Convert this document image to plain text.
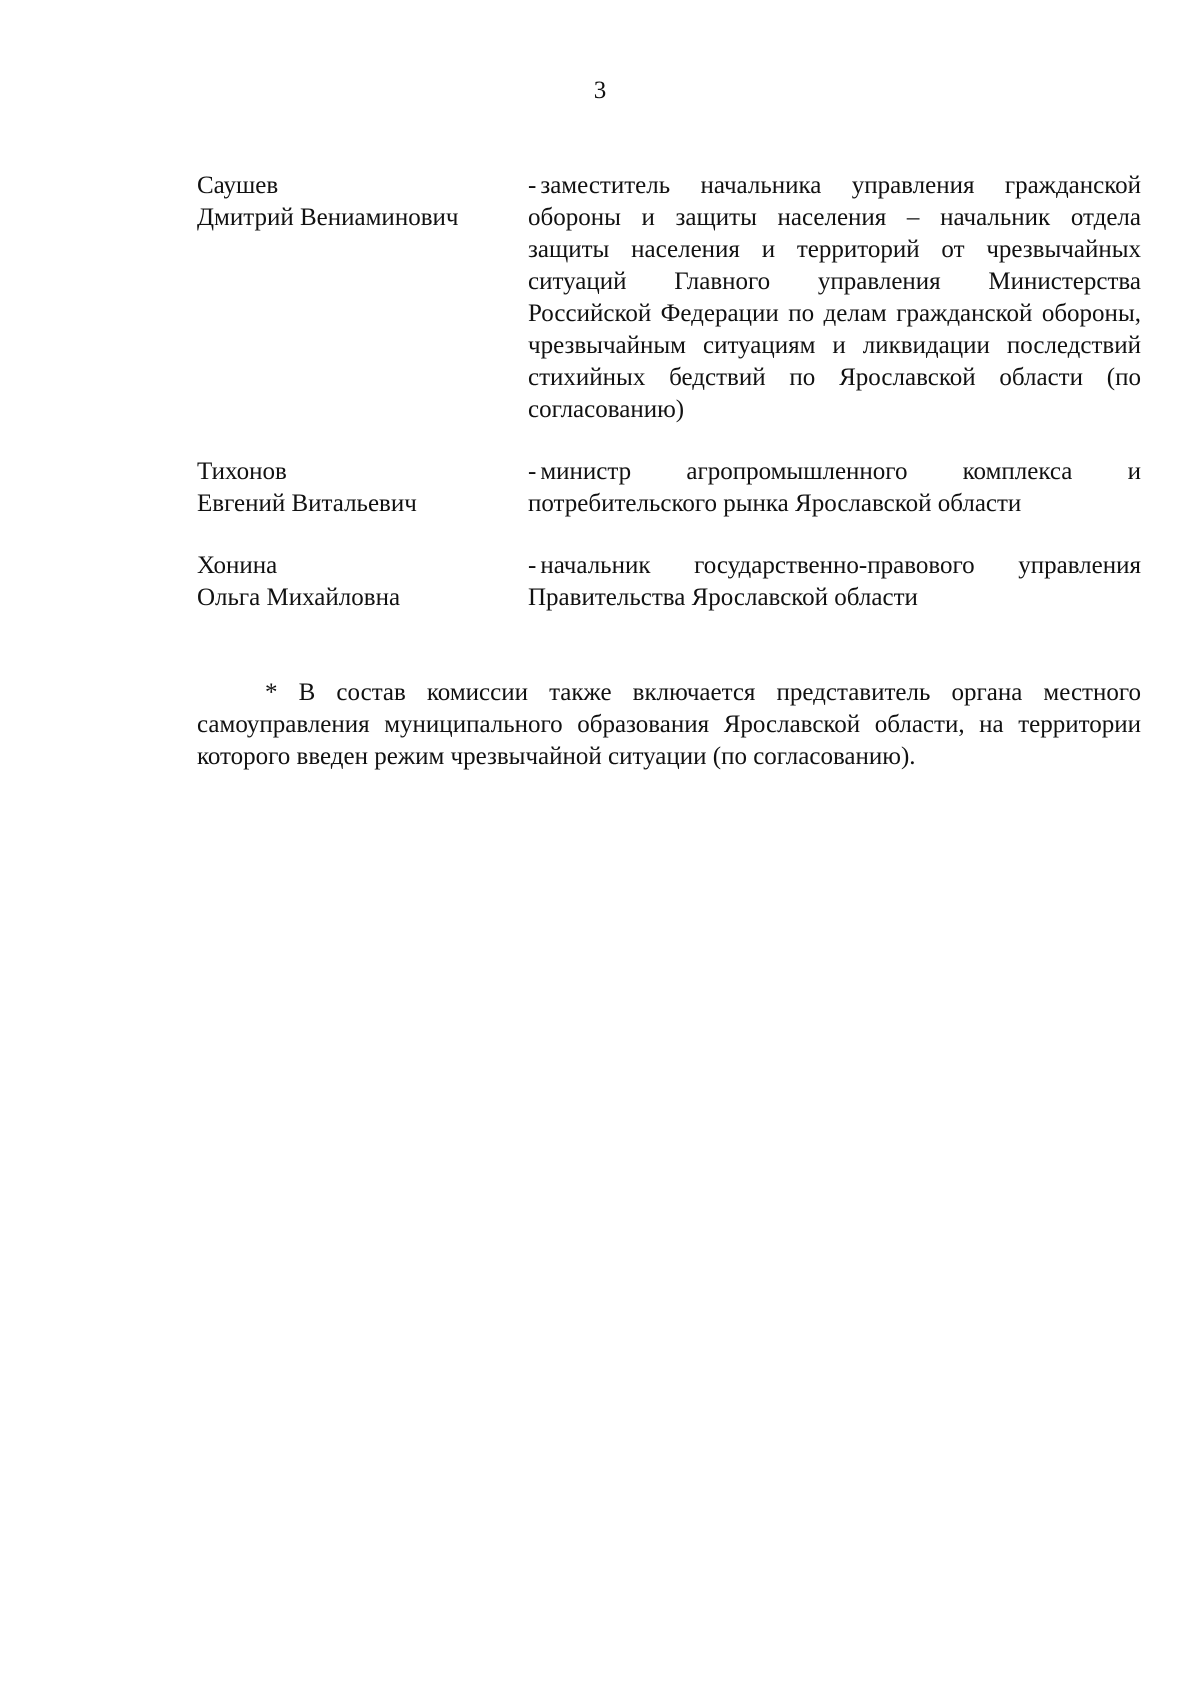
3
Саушев
Дмитрий Вениаминович
- заместитель начальника управления гражданской обороны и защиты населения – начальник отдела защиты населения и территорий от чрезвычайных ситуаций Главного управления Министерства Российской Федерации по делам гражданской обороны, чрезвычайным ситуациям и ликвидации последствий стихийных бедствий по Ярославской области (по согласованию)
Тихонов
Евгений Витальевич
- министр агропромышленного комплекса и потребительского рынка Ярославской области
Хонина
Ольга Михайловна
- начальник государственно-правового управления Правительства Ярославской области

* В состав комиссии также включается представитель органа местного самоуправления муниципального образования Ярославской области, на территории которого введен режим чрезвычайной ситуации (по согласованию).
